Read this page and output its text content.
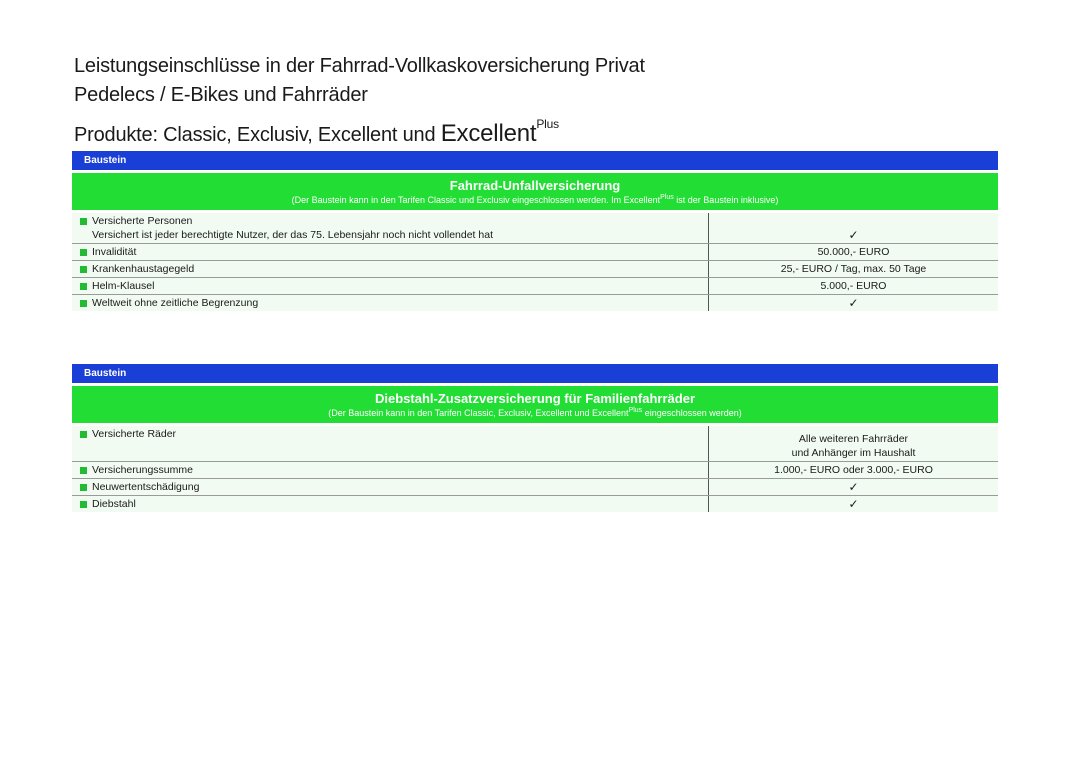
Leistungseinschlüsse in der Fahrrad-Vollkaskoversicherung Privat
Pedelecs / E-Bikes und Fahrräder
Produkte: Classic, Exclusiv, Excellent und Excellent$^{Plus}$
Baustein
Fahrrad-Unfallversicherung
(Der Baustein kann in den Tarifen Classic und Exclusiv eingeschlossen werden. Im Excellent$^{Plus}$ ist der Baustein inklusive)
Versicherte Personen
Versichert ist jeder berechtigte Nutzer, der das 75. Lebensjahr noch nicht vollendet hat	✓
Invalidität	50.000,- EURO
Krankenhaustagegeld	25,- EURO / Tag, max. 50 Tage
Helm-Klausel	5.000,- EURO
Weltweit ohne zeitliche Begrenzung	✓
Baustein
Diebstahl-Zusatzversicherung für Familienfahrräder
(Der Baustein kann in den Tarifen Classic, Exclusiv, Excellent und Excellent$^{Plus}$ eingeschlossen werden)
Versicherte Räder	Alle weiteren Fahrräder
und Anhänger im Haushalt
Versicherungssumme	1.000,- EURO oder 3.000,- EURO
Neuwertentschädigung	✓
Diebstahl	✓
